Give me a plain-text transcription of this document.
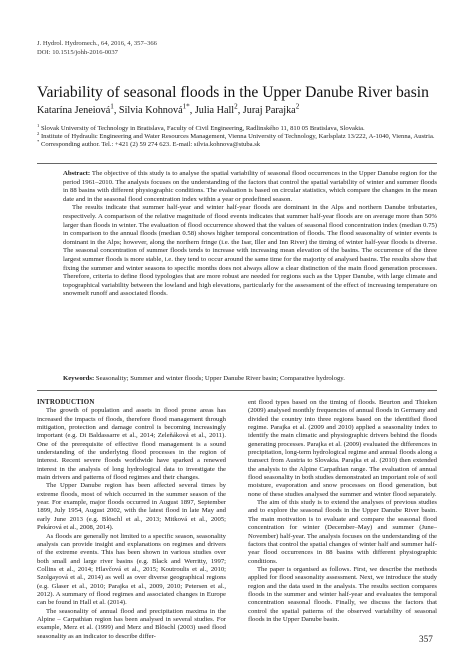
J. Hydrol. Hydromech., 64, 2016, 4, 357–366
DOI: 10.1515/johh-2016-0037
Variability of seasonal floods in the Upper Danube River basin
Katarína Jeneiová$^1$, Silvia Kohnová$^{1*}$, Julia Hall$^2$, Juraj Parajka$^2$
$^1$ Slovak University of Technology in Bratislava, Faculty of Civil Engineering, Radlinského 11, 810 05 Bratislava, Slovakia.
$^2$ Institute of Hydraulic Engineering and Water Resources Management, Vienna University of Technology, Karlsplatz 13/222, A-1040, Vienna, Austria.
* Corresponding author. Tel.: +421 (2) 59 274 623. E-mail: silvia.kohnova@stuba.sk

Abstract: The objective of this study is to analyse the spatial variability of seasonal flood occurrences in the Upper Danube region for the period 1961–2010. The analysis focuses on the understanding of the factors that control the spatial variability of winter and summer floods in 88 basins with different physiographic conditions. The evaluation is based on circular statistics, which compare the changes in the mean date and in the seasonal flood concentration index within a year or predefined season.

The results indicate that summer half-year and winter half-year floods are dominant in the Alps and northern Danube tributaries, respectively. A comparison of the relative magnitude of flood events indicates that summer half-year floods are on average more than 50% larger than floods in winter. The evaluation of flood occurrence showed that the values of seasonal flood concentration index (median 0.75) in comparison to the annual floods (median 0.58) shows higher temporal concentration of floods. The flood seasonality of winter events is dominant in the Alps; however, along the northern fringe (i.e. the Isar, Iller and Inn River) the timing of winter half-year floods is diverse. The seasonal concentration of summer floods tends to increase with increasing mean elevation of the basins. The occurrence of the three largest summer floods is more stable, i.e. they tend to occur around the same time for the majority of analysed basins. The results show that fixing the summer and winter seasons to specific months does not always allow a clear distinction of the main flood generation processes. Therefore, criteria to define flood typologies that are more robust are needed for regions such as the Upper Danube, with large climate and topographical variability between the lowland and high elevations, particularly for the assessment of the effect of increasing temperature on snowmelt runoff and associated floods.

Keywords: Seasonality; Summer and winter floods; Upper Danube River basin; Comparative hydrology.

INTRODUCTION

The growth of population and assets in flood prone areas has increased the impacts of floods, therefore flood management through mitigation, protection and damage control is becoming increasingly important (e.g. Di Baldassarre et al., 2014; Zeleňáková et al., 2011). One of the prerequisite of effective flood management is a sound understanding of the underlying flood processes in the region of interest. Recent severe floods worldwide have sparked a renewed interest in the analysis of long hydrological data to investigate the main drivers and patterns of flood regimes and their changes.

The Upper Danube region has been affected several times by extreme floods, most of which occurred in the summer season of the year. For example, major floods occurred in August 1897, September 1899, July 1954, August 2002, with the latest flood in late May and early June 2013 (e.g. Blöschl et al., 2013; Mitková et al., 2005; Pekárová et al., 2008, 2014).

As floods are generally not limited to a specific season, seasonality analysis can provide insight and explanations on regimes and drivers of the extreme events. This has been shown in various studies over both small and large river basins (e.g. Black and Werritty, 1997; Collins et al., 2014; Hlavčová et al., 2015; Koutroulis et al., 2010; Szolgayová et al., 2014) as well as over diverse geographical regions (e.g. Glaser et al., 2010; Parajka et al., 2009, 2010; Petersen et al., 2012). A summary of flood regimes and associated changes in Europe can be found in Hall et al. (2014).

The seasonality of annual flood and precipitation maxima in the Alpine – Carpathian region has been analysed in several studies. For example, Merz et al. (1999) and Merz and Blöschl (2003) used flood seasonality as an indicator to describe differ-

ent flood types based on the timing of floods. Beurton and Thieken (2009) analysed monthly frequencies of annual floods in Germany and divided the country into three regions based on the identified flood regime. Parajka et al. (2009 and 2010) applied a seasonality index to identify the main climatic and physiographic drivers behind the floods generating processes. Parajka et al. (2009) evaluated the differences in precipitation, long-term hydrological regime and annual floods along a transect from Austria to Slovakia. Parajka et al. (2010) then extended the analysis to the Alpine Carpathian range. The evaluation of annual flood seasonality in both studies demonstrated an important role of soil moisture, evaporation and snow processes on flood generation, but none of these studies analysed the summer and winter flood separately.

The aim of this study is to extend the analyses of previous studies and to explore the seasonal floods in the Upper Danube River basin. The main motivation is to evaluate and compare the seasonal flood concentration for winter (December–May) and summer (June–November) half-year. The analysis focuses on the understanding of the factors that control the spatial changes of winter half and summer half-year flood occurrences in 88 basins with different physiographic conditions.

The paper is organised as follows. First, we describe the methods applied for flood seasonality assessment. Next, we introduce the study region and the data used in the analysis. The results section compares floods in the summer and winter half-year and evaluates the temporal concentration seasonal floods. Finally, we discuss the factors that control the spatial patterns of the observed variability of seasonal floods in the Upper Danube basin.

357
